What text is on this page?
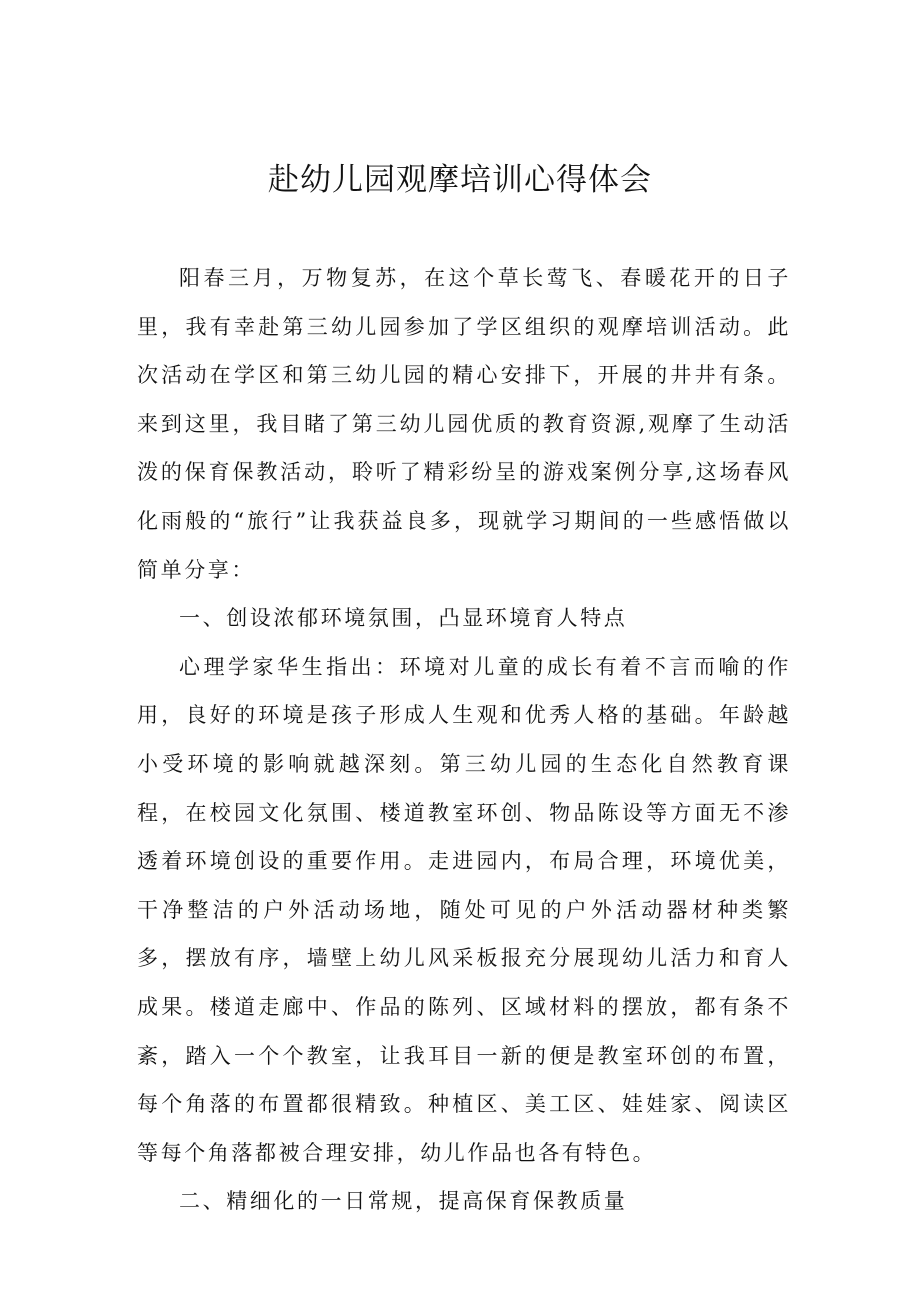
赴幼儿园观摩培训心得体会

阳春三月，万物复苏，在这个草长莺飞、春暖花开的日子里，我有幸赴第三幼儿园参加了学区组织的观摩培训活动。此次活动在学区和第三幼儿园的精心安排下，开展的井井有条。来到这里，我目睹了第三幼儿园优质的教育资源,观摩了生动活泼的保育保教活动，聆听了精彩纷呈的游戏案例分享,这场春风化雨般的“旅行”让我获益良多，现就学习期间的一些感悟做以简单分享：

一、创设浓郁环境氛围，凸显环境育人特点

心理学家华生指出：环境对儿童的成长有着不言而喻的作用，良好的环境是孩子形成人生观和优秀人格的基础。年龄越小受环境的影响就越深刻。第三幼儿园的生态化自然教育课程，在校园文化氛围、楼道教室环创、物品陈设等方面无不渗透着环境创设的重要作用。走进园内，布局合理，环境优美，干净整洁的户外活动场地，随处可见的户外活动器材种类繁多，摆放有序，墙壁上幼儿风采板报充分展现幼儿活力和育人成果。楼道走廊中、作品的陈列、区域材料的摆放，都有条不紊，踏入一个个教室，让我耳目一新的便是教室环创的布置，每个角落的布置都很精致。种植区、美工区、娃娃家、阅读区等每个角落都被合理安排，幼儿作品也各有特色。

二、精细化的一日常规，提高保育保教质量
